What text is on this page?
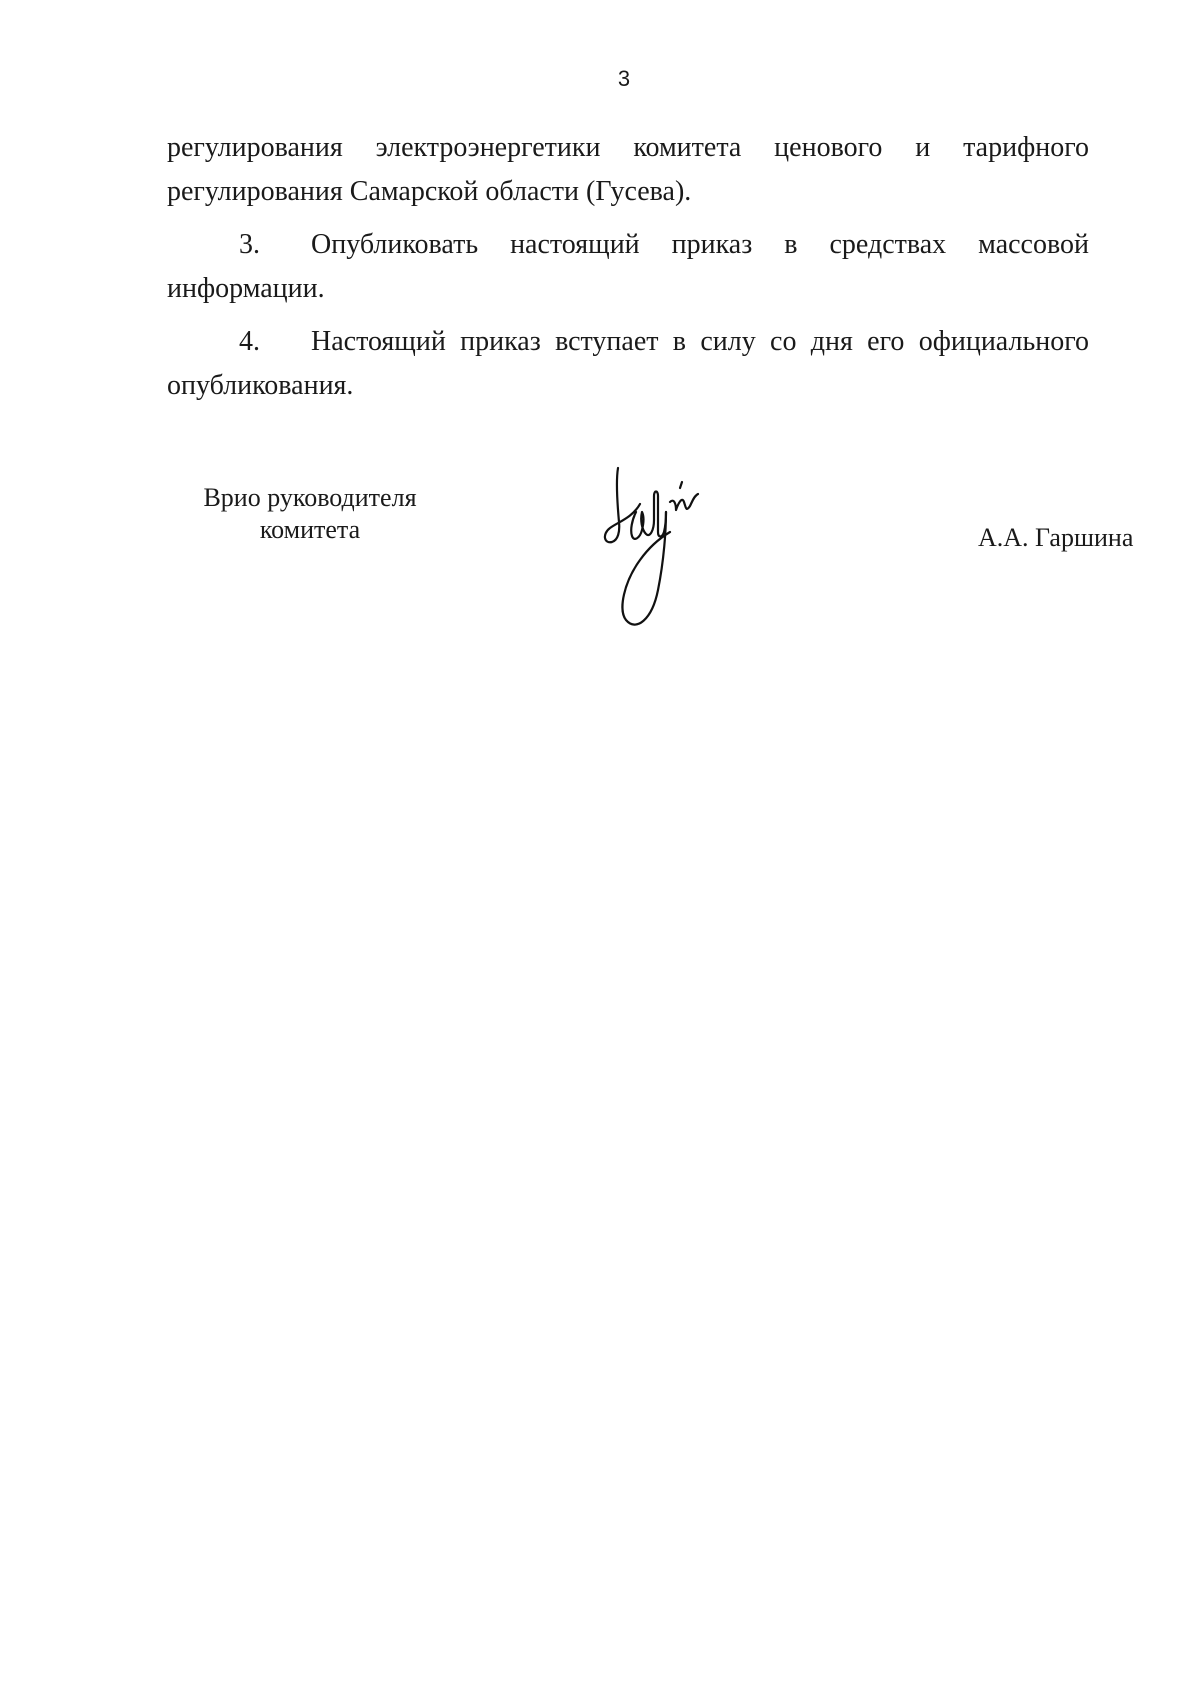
3

регулирования электроэнергетики комитета ценового и тарифного регулирования Самарской области (Гусева).

3. Опубликовать настоящий приказ в средствах массовой информации.

4. Настоящий приказ вступает в силу со дня его официального опубликования.

Врио руководителя
комитета	А.А. Гаршина
